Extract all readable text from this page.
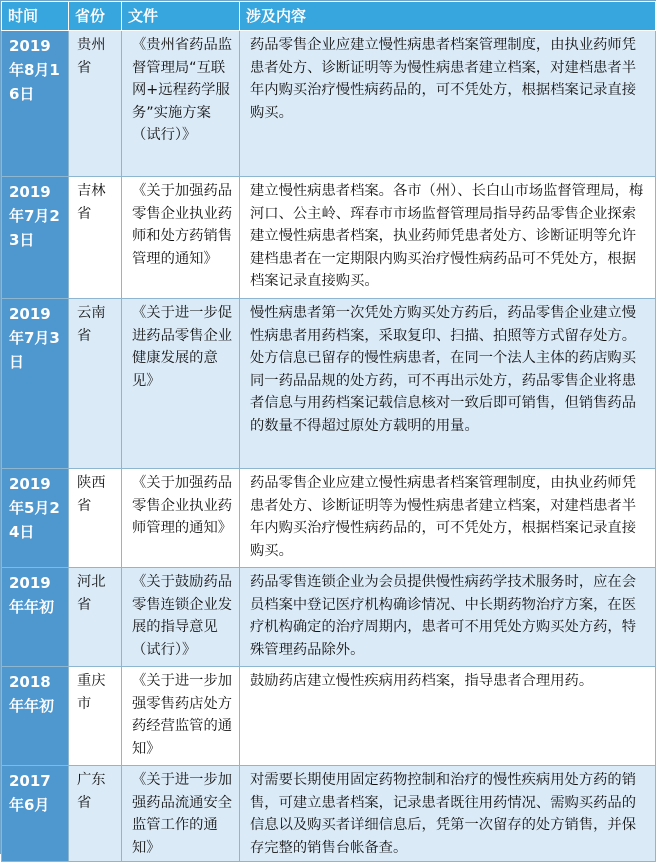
时间	省份	文件	涉及内容
2019年8月16日	贵州省	《贵州省药品监督管理局“互联网+远程药学服务”实施方案（试行）》	药品零售企业应建立慢性病患者档案管理制度，由执业药师凭患者处方、诊断证明等为慢性病患者建立档案，对建档患者半年内购买治疗慢性病药品的，可不凭处方，根据档案记录直接购买。
2019年7月23日	吉林省	《关于加强药品零售企业执业药师和处方药销售管理的通知》	建立慢性病患者档案。各市（州）、长白山市场监督管理局，梅河口、公主岭、珲春市市场监督管理局指导药品零售企业探索建立慢性病患者档案，执业药师凭患者处方、诊断证明等允许建档患者在一定期限内购买治疗慢性病药品可不凭处方，根据档案记录直接购买。
2019年7月3日	云南省	《关于进一步促进药品零售企业健康发展的意见》	慢性病患者第一次凭处方购买处方药后，药品零售企业建立慢性病患者用药档案，采取复印、扫描、拍照等方式留存处方。处方信息已留存的慢性病患者，在同一个法人主体的药店购买同一药品品规的处方药，可不再出示处方，药品零售企业将患者信息与用药档案记载信息核对一致后即可销售，但销售药品的数量不得超过原处方载明的用量。
2019年5月24日	陕西省	《关于加强药品零售企业执业药师管理的通知》	药品零售企业应建立慢性病患者档案管理制度，由执业药师凭患者处方、诊断证明等为慢性病患者建立档案，对建档患者半年内购买治疗慢性病药品的，可不凭处方，根据档案记录直接购买。
2019年年初	河北省	《关于鼓励药品零售连锁企业发展的指导意见（试行）》	药品零售连锁企业为会员提供慢性病药学技术服务时，应在会员档案中登记医疗机构确诊情况、中长期药物治疗方案，在医疗机构确定的治疗周期内，患者可不用凭处方购买处方药，特殊管理药品除外。
2018年年初	重庆市	《关于进一步加强零售药店处方药经营监管的通知》	鼓励药店建立慢性疾病用药档案，指导患者合理用药。
2017年6月	广东省	《关于进一步加强药品流通安全监管工作的通知》	对需要长期使用固定药物控制和治疗的慢性疾病用处方药的销售，可建立患者档案，记录患者既往用药情况、需购买药品的信息以及购买者详细信息后，凭第一次留存的处方销售，并保存完整的销售台帐备查。
